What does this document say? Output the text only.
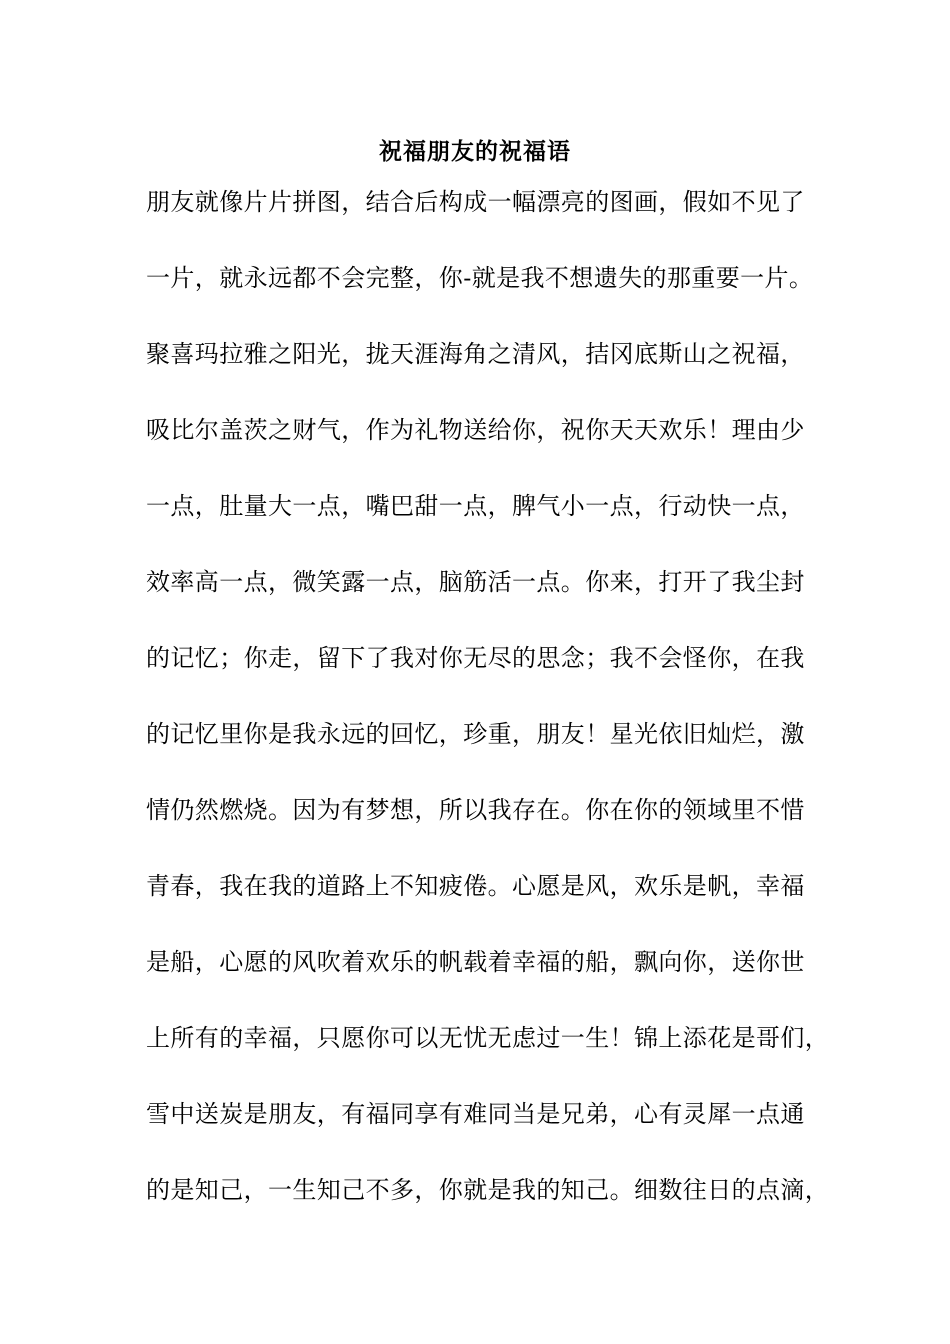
祝福朋友的祝福语
朋友就像片片拼图，结合后构成一幅漂亮的图画，假如不见了
一片，就永远都不会完整，你-就是我不想遗失的那重要一片。
聚喜玛拉雅之阳光，拢天涯海角之清风，拮冈底斯山之祝福，
吸比尔盖茨之财气，作为礼物送给你，祝你天天欢乐！理由少
一点，肚量大一点，嘴巴甜一点，脾气小一点，行动快一点，
效率高一点，微笑露一点，脑筋活一点。你来，打开了我尘封
的记忆；你走，留下了我对你无尽的思念；我不会怪你，在我
的记忆里你是我永远的回忆，珍重，朋友！星光依旧灿烂，激
情仍然燃烧。因为有梦想，所以我存在。你在你的领域里不惜
青春，我在我的道路上不知疲倦。心愿是风，欢乐是帆，幸福
是船，心愿的风吹着欢乐的帆载着幸福的船，飘向你，送你世
上所有的幸福，只愿你可以无忧无虑过一生！锦上添花是哥们，
雪中送炭是朋友，有福同享有难同当是兄弟，心有灵犀一点通
的是知己，一生知己不多，你就是我的知己。细数往日的点滴，
